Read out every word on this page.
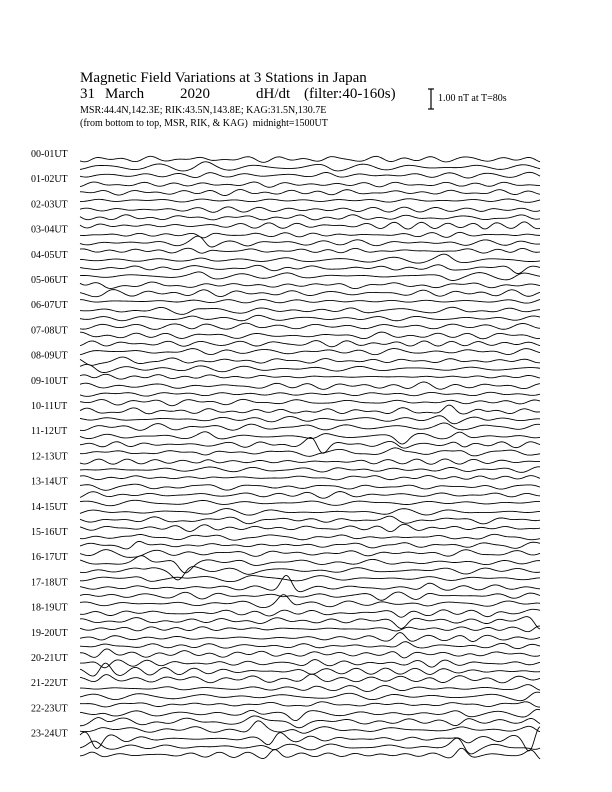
Magnetic Field Variations at 3 Stations in Japan
31 March 2020	dH/dt (filter:40-160s)
MSR:44.4N,142.3E; RIK:43.5N,143.8E; KAG:31.5N,130.7E
(from bottom to top, MSR, RIK, & KAG) midnight=1500UT
1.00 nT at T=80s
00-01UT
01-02UT
02-03UT
03-04UT
04-05UT
05-06UT
06-07UT
07-08UT
08-09UT
09-10UT
10-11UT
11-12UT
12-13UT
13-14UT
14-15UT
15-16UT
16-17UT
17-18UT
18-19UT
19-20UT
20-21UT
21-22UT
22-23UT
23-24UT
